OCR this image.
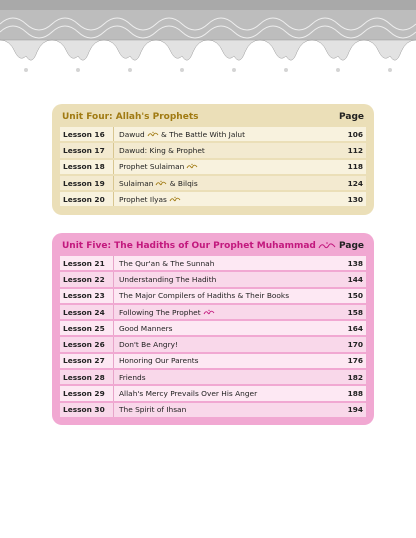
Unit Four: Allah's Prophets	Page
Lesson 16	Dawud & The Battle With Jalut	106
Lesson 17	Dawud: King & Prophet	112
Lesson 18	Prophet Sulaiman	118
Lesson 19	Sulaiman & Bilqis	124
Lesson 20	Prophet Ilyas	130
Unit Five: The Hadiths of Our Prophet Muhammad	Page
Lesson 21	The Qur'an & The Sunnah	138
Lesson 22	Understanding The Hadith	144
Lesson 23	The Major Compilers of Hadiths & Their Books	150
Lesson 24	Following The Prophet	158
Lesson 25	Good Manners	164
Lesson 26	Don't Be Angry!	170
Lesson 27	Honoring Our Parents	176
Lesson 28	Friends	182
Lesson 29	Allah's Mercy Prevails Over His Anger	188
Lesson 30	The Spirit of Ihsan	194
